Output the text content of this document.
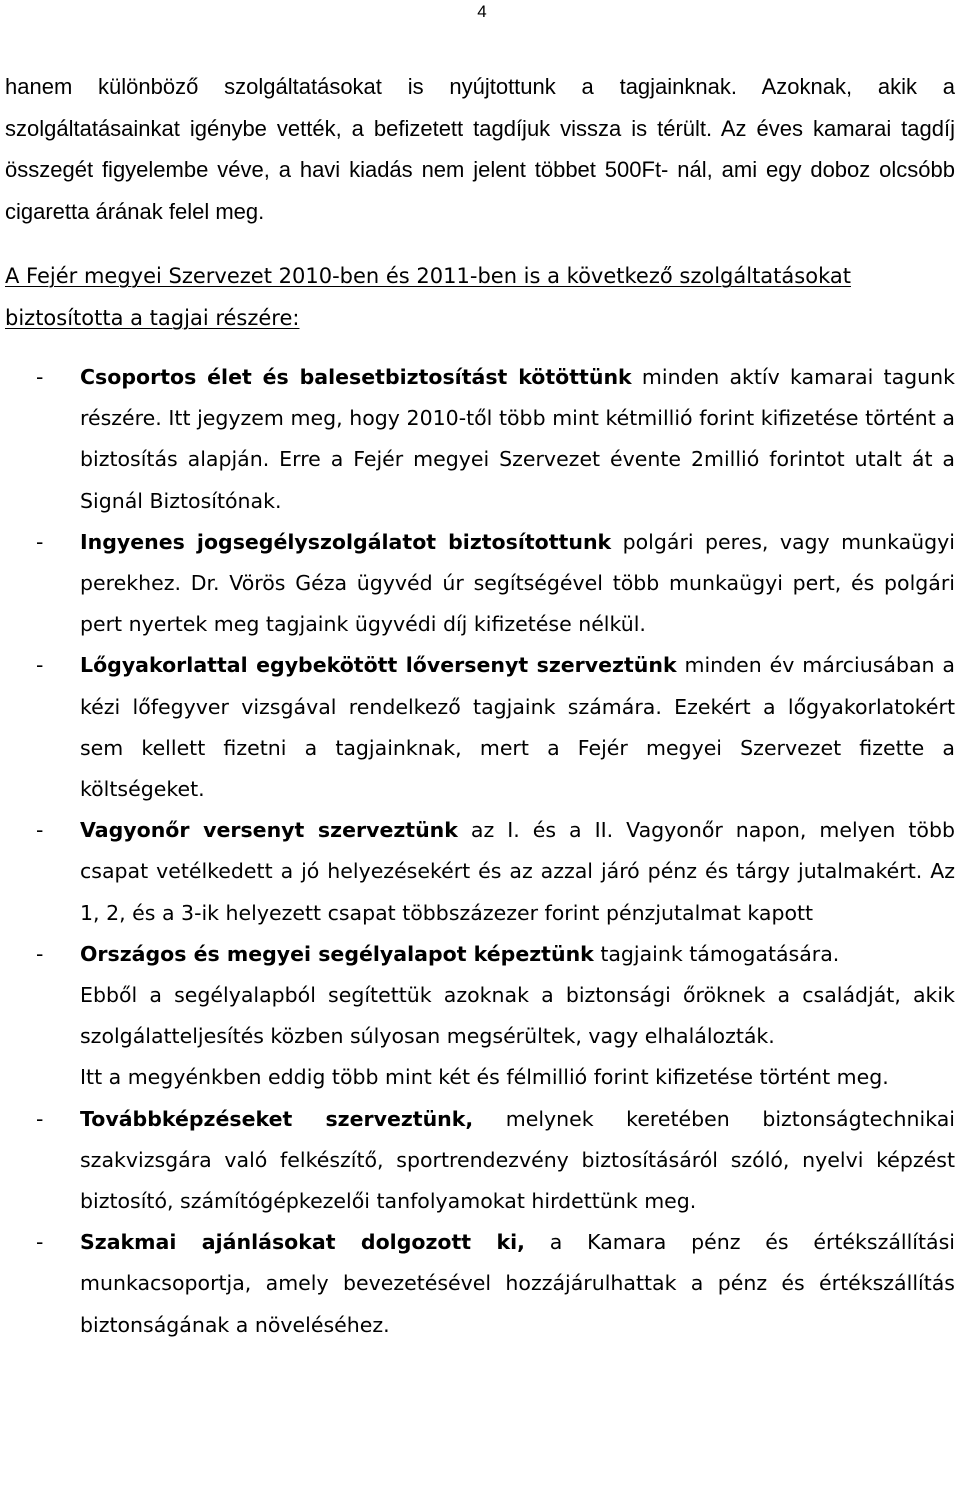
4

hanem különböző szolgáltatásokat is nyújtottunk a tagjainknak. Azoknak, akik a szolgáltatásainkat igénybe vették, a befizetett tagdíjuk vissza is térült. Az éves kamarai tagdíj összegét figyelembe véve, a havi kiadás nem jelent többet 500Ft- nál, ami egy doboz olcsóbb cigaretta árának felel meg.

A Fejér megyei Szervezet 2010-ben és 2011-ben is a következő szolgáltatásokat biztosította a tagjai részére:

- Csoportos élet és balesetbiztosítást kötöttünk minden aktív kamarai tagunk részére. Itt jegyzem meg, hogy 2010-től több mint kétmillió forint kifizetése történt a biztosítás alapján. Erre a Fejér megyei Szervezet évente 2millió forintot utalt át a Signál Biztosítónak.

- Ingyenes jogsegélyszolgálatot biztosítottunk polgári peres, vagy munkaügyi perekhez. Dr. Vörös Géza ügyvéd úr segítségével több munkaügyi pert, és polgári pert nyertek meg tagjaink ügyvédi díj kifizetése nélkül.

- Lőgyakorlattal egybekötött lőversenyt szerveztünk minden év márciusában a kézi lőfegyver vizsgával rendelkező tagjaink számára. Ezekért a lőgyakorlatokért sem kellett fizetni a tagjainknak, mert a Fejér megyei Szervezet fizette a költségeket.

- Vagyonőr versenyt szerveztünk az I. és a II. Vagyonőr napon, melyen több csapat vetélkedett a jó helyezésekért és az azzal járó pénz és tárgy jutalmakért. Az 1, 2, és a 3-ik helyezett csapat többszázezer forint pénzjutalmat kapott

- Országos és megyei segélyalapot képeztünk tagjaink támogatására.

Ebből a segélyalapból segítettük azoknak a biztonsági őröknek a családját, akik szolgálatteljesítés közben súlyosan megsérültek, vagy elhalálozták.

Itt a megyénkben eddig több mint két és félmillió forint kifizetése történt meg.

- Továbbképzéseket szerveztünk, melynek keretében biztonságtechnikai szakvizsgára való felkészítő, sportrendezvény biztosításáról szóló, nyelvi képzést biztosító, számítógépkezelői tanfolyamokat hirdettünk meg.

- Szakmai ajánlásokat dolgozott ki, a Kamara pénz és értékszállítási munkacsoportja, amely bevezetésével hozzájárulhattak a pénz és értékszállítás biztonságának a növeléséhez.
